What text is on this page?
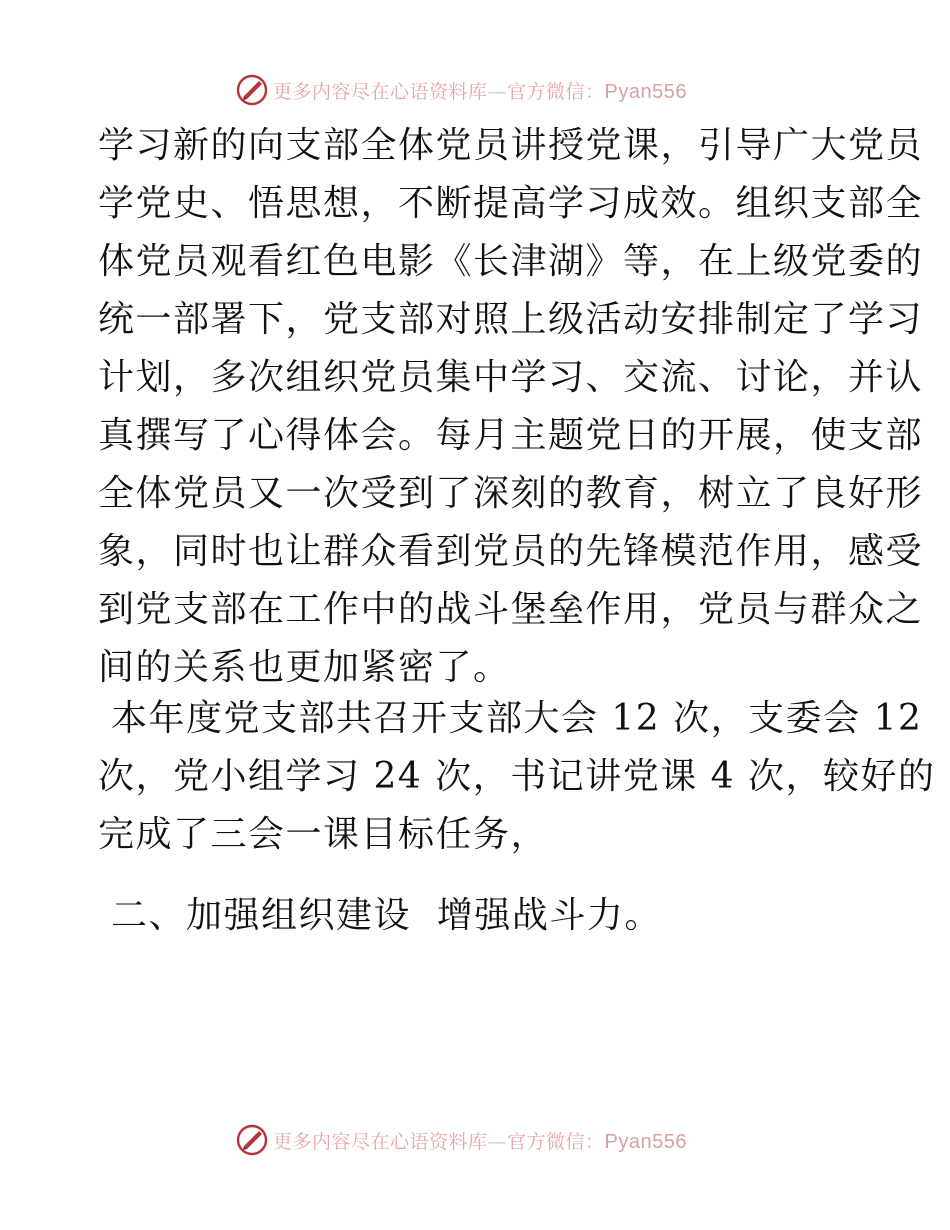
更多内容尽在心语资料库—官方微信：Pyan556
学习新的向支部全体党员讲授党课，引导广大党员
学党史、悟思想，不断提高学习成效。组织支部全
体党员观看红色电影《长津湖》等，在上级党委的
统一部署下，党支部对照上级活动安排制定了学习
计划，多次组织党员集中学习、交流、讨论，并认
真撰写了心得体会。每月主题党日的开展，使支部
全体党员又一次受到了深刻的教育，树立了良好形
象，同时也让群众看到党员的先锋模范作用，感受
到党支部在工作中的战斗堡垒作用，党员与群众之
间的关系也更加紧密了。
本年度党支部共召开支部大会 12 次，支委会 12
次，党小组学习 24 次，书记讲党课 4 次，较好的
完成了三会一课目标任务，
二、加强组织建设  增强战斗力。
更多内容尽在心语资料库—官方微信：Pyan556
